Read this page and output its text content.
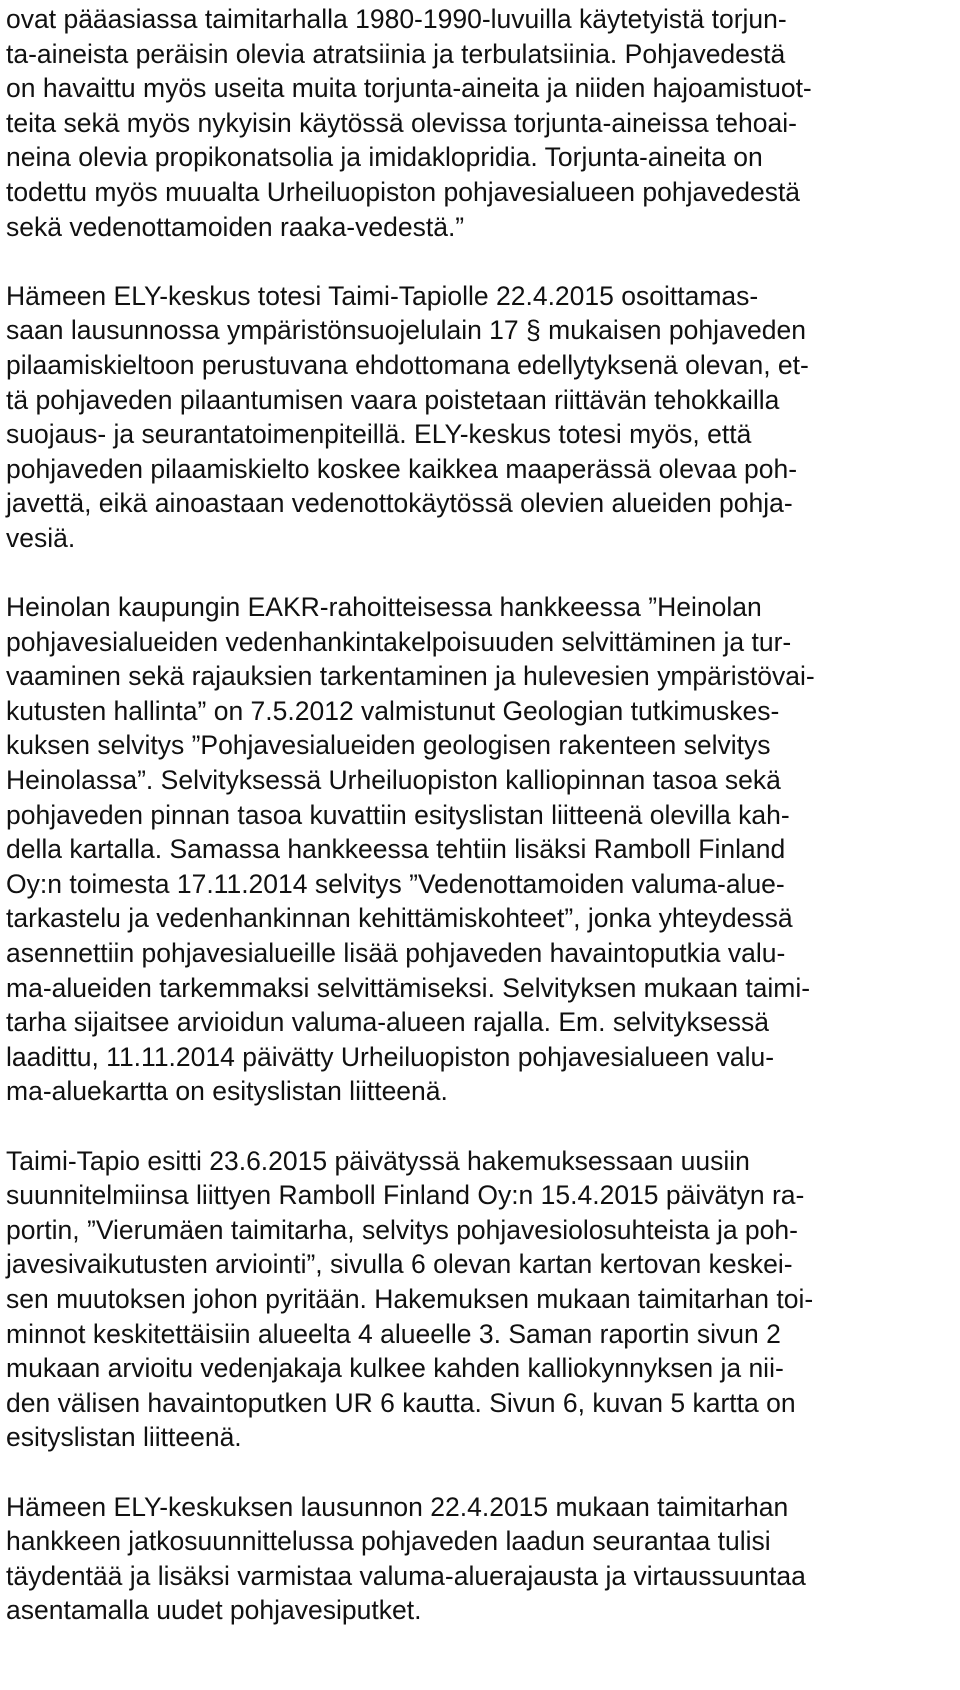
ovat pääasiassa taimitarhalla 1980-1990-luvuilla käytetyistä torjun-
ta-aineista peräisin olevia atratsiinia ja terbulatsiinia. Pohjavedestä
on havaittu myös useita muita torjunta-aineita ja niiden hajoamistuot-
teita sekä myös nykyisin käytössä olevissa torjunta-aineissa tehoai-
neina olevia propikonatsolia ja imidaklopridia. Torjunta-aineita on
todettu myös muualta Urheiluopiston pohjavesialueen pohjavedestä
sekä vedenottamoiden raaka-vedestä.”
Hämeen ELY-keskus totesi Taimi-Tapiolle 22.4.2015 osoittamas-
saan lausunnossa ympäristönsuojelulain 17 § mukaisen pohjaveden
pilaamiskieltoon perustuvana ehdottomana edellytyksenä olevan, et-
tä pohjaveden pilaantumisen vaara poistetaan riittävän tehokkailla
suojaus- ja seurantatoimenpiteillä. ELY-keskus totesi myös, että
pohjaveden pilaamiskielto koskee kaikkea maaperässä olevaa poh-
javettä, eikä ainoastaan vedenottokäytössä olevien alueiden pohja-
vesiä.
Heinolan kaupungin EAKR-rahoitteisessa hankkeessa ”Heinolan
pohjavesialueiden vedenhankintakelpoisuuden selvittäminen ja tur-
vaaminen sekä rajauksien tarkentaminen ja hulevesien ympäristövai-
kutusten hallinta” on 7.5.2012 valmistunut Geologian tutkimuskes-
kuksen selvitys ”Pohjavesialueiden geologisen rakenteen selvitys
Heinolassa”. Selvityksessä Urheiluopiston kalliopinnan tasoa sekä
pohjaveden pinnan tasoa kuvattiin esityslistan liitteenä olevilla kah-
della kartalla. Samassa hankkeessa tehtiin lisäksi Ramboll Finland
Oy:n toimesta 17.11.2014 selvitys ”Vedenottamoiden valuma-alue-
tarkastelu ja vedenhankinnan kehittämiskohteet”, jonka yhteydessä
asennettiin pohjavesialueille lisää pohjaveden havaintoputkia valu-
ma-alueiden tarkemmaksi selvittämiseksi. Selvityksen mukaan taimi-
tarha sijaitsee arvioidun valuma-alueen rajalla. Em. selvityksessä
laadittu, 11.11.2014 päivätty Urheiluopiston pohjavesialueen valu-
ma-aluekartta on esityslistan liitteenä.
Taimi-Tapio esitti 23.6.2015 päivätyssä hakemuksessaan uusiin
suunnitelmiinsa liittyen Ramboll Finland Oy:n 15.4.2015 päivätyn ra-
portin, ”Vierumäen taimitarha, selvitys pohjavesiolosuhteista ja poh-
javesivaikutusten arviointi”, sivulla 6 olevan kartan kertovan keskei-
sen muutoksen johon pyritään. Hakemuksen mukaan taimitarhan toi-
minnot keskitettäisiin alueelta 4 alueelle 3. Saman raportin sivun 2
mukaan arvioitu vedenjakaja kulkee kahden kalliokynnyksen ja nii-
den välisen havaintoputken UR 6 kautta. Sivun 6, kuvan 5 kartta on
esityslistan liitteenä.
Hämeen ELY-keskuksen lausunnon 22.4.2015 mukaan taimitarhan
hankkeen jatkosuunnittelussa pohjaveden laadun seurantaa tulisi
täydentää ja lisäksi varmistaa valuma-aluerajausta ja virtaussuuntaa
asentamalla uudet pohjavesiputket.
